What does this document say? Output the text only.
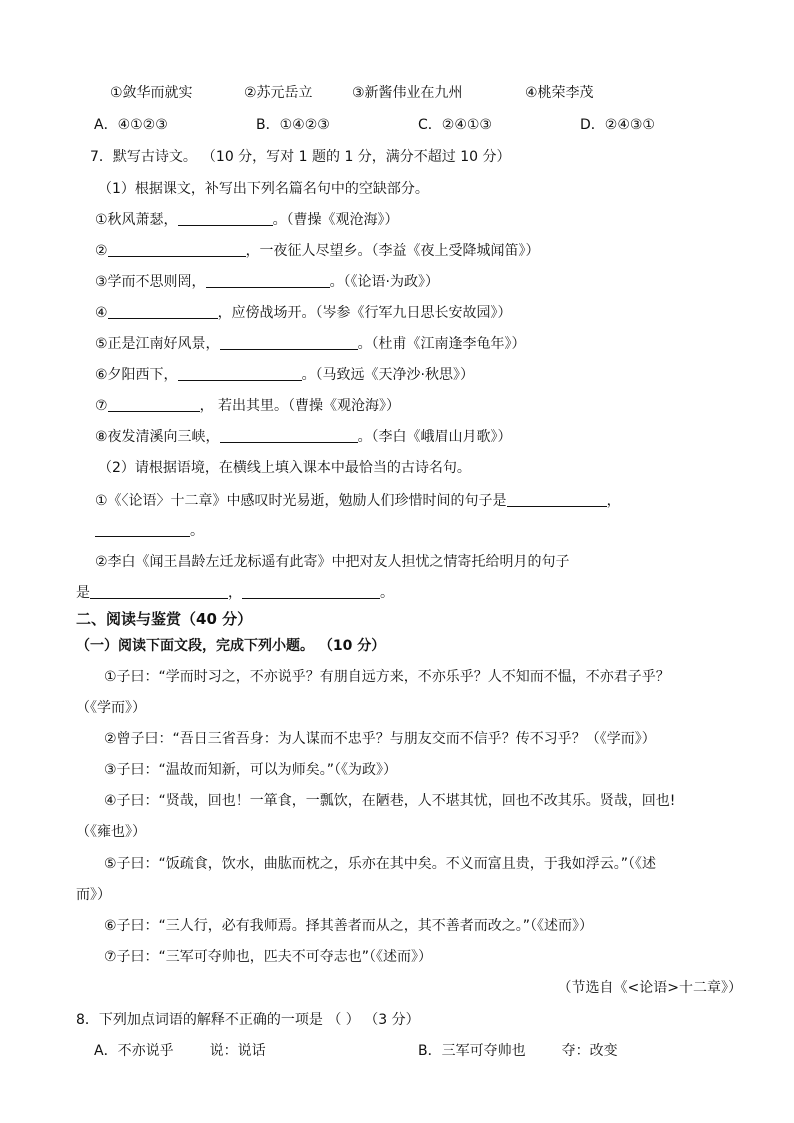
①敛华而就实	②苏元岳立	③新酱伟业在九州	④桃荣李茂
A．④①②③	B．①④②③	C．②④①③	D．②④③①
7．默写古诗文。 （10 分，写对 1 题的 1 分，满分不超过 10 分）
（1）根据课文，补写出下列名篇名句中的空缺部分。
①秋风萧瑟，	。（曹操《观沧海》）
②	，一夜征人尽望乡。（李益《夜上受降城闻笛》）
③学而不思则罔，	。（《论语·为政》）
④	，应傍战场开。（岑参《行军九日思长安故园》）
⑤正是江南好风景，	。（杜甫《江南逢李龟年》）
⑥夕阳西下，	。（马致远《天净沙·秋思》）
⑦	， 若出其里。（曹操《观沧海》）
⑧夜发清溪向三峡，	。（李白《峨眉山月歌》）
（2）请根据语境，在横线上填入课本中最恰当的古诗名句。
①《〈论语〉十二章》中感叹时光易逝，勉励人们珍惜时间的句子是	，
。
②李白《闻王昌龄左迁龙标遥有此寄》中把对友人担忧之情寄托给明月的句子
是	，	。
二、阅读与鉴赏（40 分）
（一）阅读下面文段，完成下列小题。 （10 分）
①子曰：“学而时习之，不亦说乎？有朋自远方来，不亦乐乎？人不知而不愠，不亦君子乎？
（《学而》）
②曾子曰：“吾日三省吾身：为人谋而不忠乎？与朋友交而不信乎？传不习乎？（《学而》）
③子曰：“温故而知新，可以为师矣。”（《为政》）
④子曰：“贤哉，回也！一箪食，一瓢饮，在陋巷，人不堪其忧，回也不改其乐。贤哉，回也!
（《雍也》）
⑤子曰：“饭疏食，饮水，曲肱而枕之，乐亦在其中矣。不义而富且贵，于我如浮云。”（《述
而》）
⑥子曰：“三人行，必有我师焉。择其善者而从之，其不善者而改之。”（《述而》）
⑦子曰：“三军可夺帅也，匹夫不可夺志也”（《述而》）
（节选自《<论语>十二章》）
8．下列加点词语的解释不正确的一项是 （ ） （3 分）
A．不亦说乎	说：说话	B．三军可夺帅也	夺：改变
